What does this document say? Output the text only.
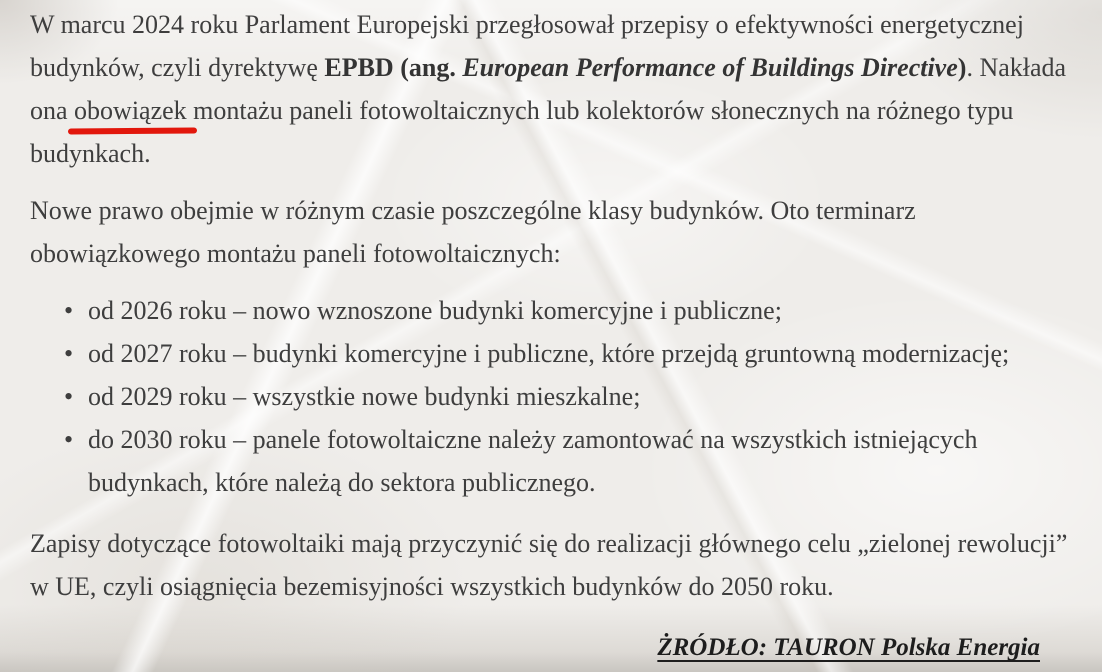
W marcu 2024 roku Parlament Europejski przegłosował przepisy o efektywności energetycznej budynków, czyli dyrektywę EPBD (ang. European Performance of Buildings Directive). Nakłada ona obowiązek montażu paneli fotowoltaicznych lub kolektorów słonecznych na różnego typu budynkach.

Nowe prawo obejmie w różnym czasie poszczególne klasy budynków. Oto terminarz obowiązkowego montażu paneli fotowoltaicznych:

• od 2026 roku – nowo wznoszone budynki komercyjne i publiczne;
• od 2027 roku – budynki komercyjne i publiczne, które przejdą gruntowną modernizację;
• od 2029 roku – wszystkie nowe budynki mieszkalne;
• do 2030 roku – panele fotowoltaiczne należy zamontować na wszystkich istniejących budynkach, które należą do sektora publicznego.

Zapisy dotyczące fotowoltaiki mają przyczynić się do realizacji głównego celu „zielonej rewolucji” w UE, czyli osiągnięcia bezemisyjności wszystkich budynków do 2050 roku.

ŻRÓDŁO: TAURON Polska Energia
